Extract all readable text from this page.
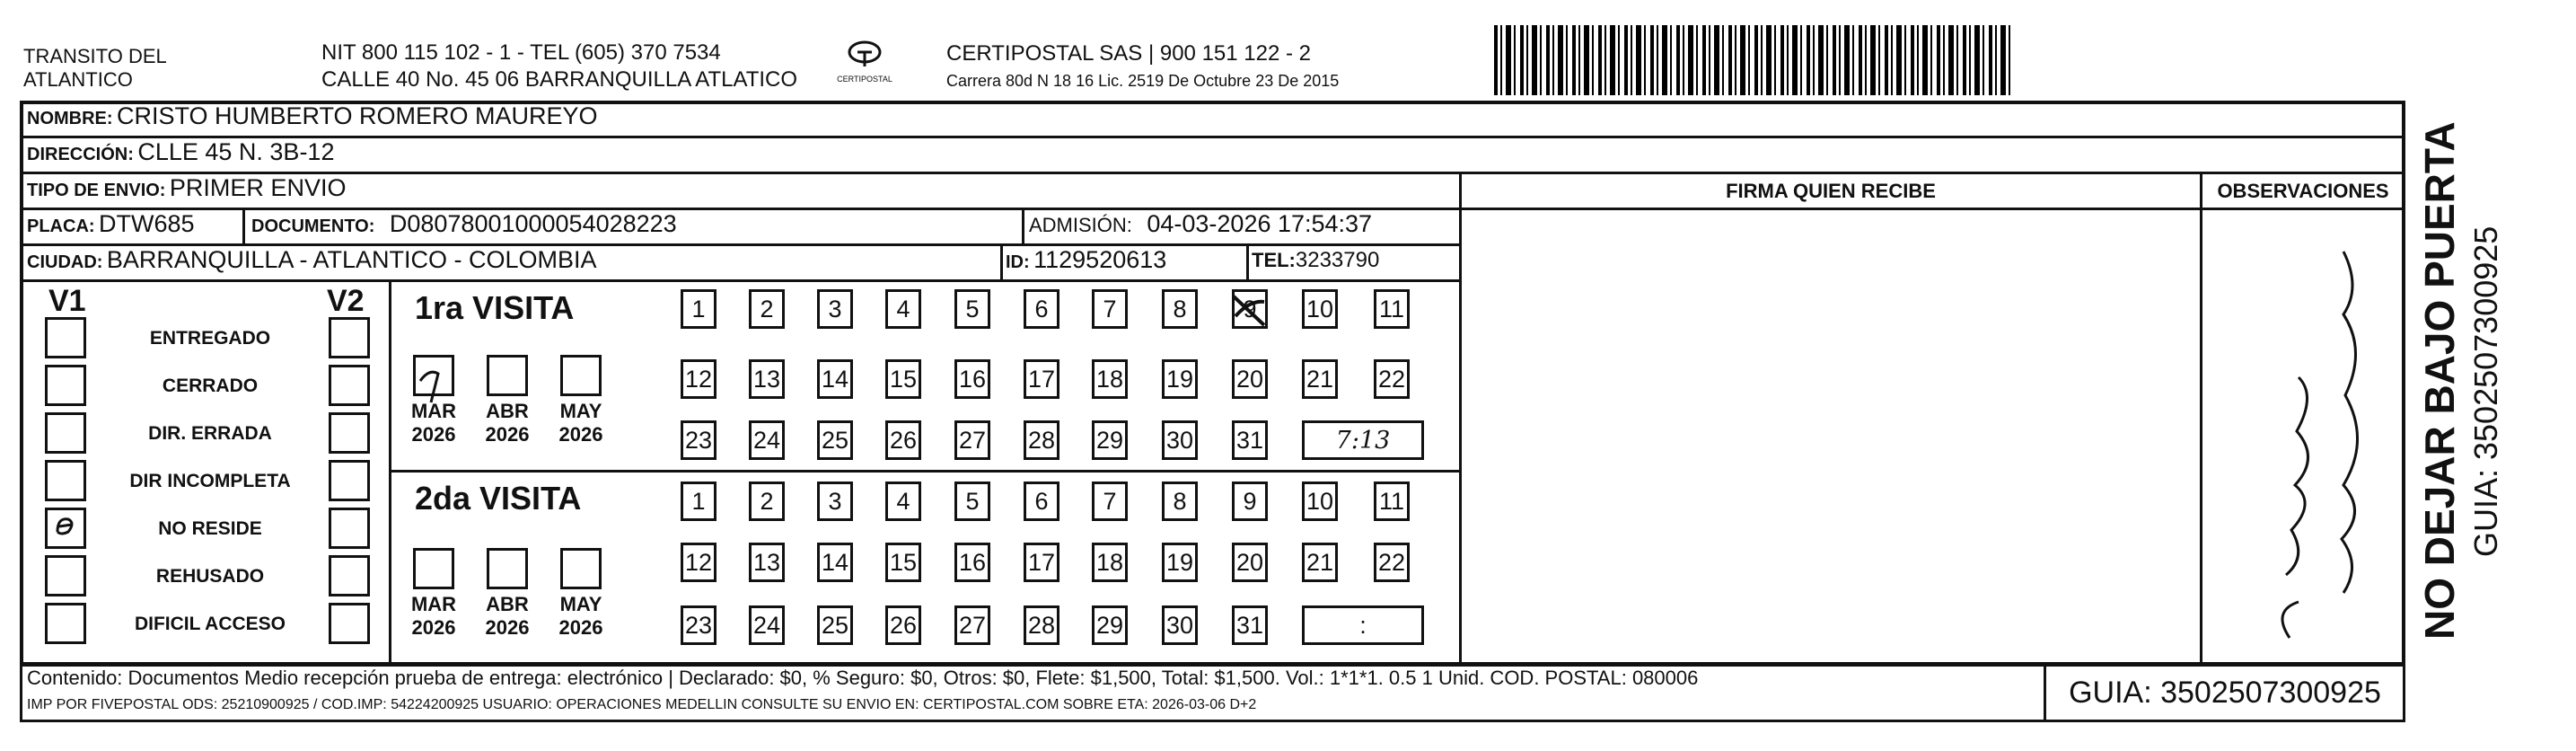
TRANSITO DEL
ATLANTICO
NIT 800 115 102 - 1 - TEL (605) 370 7534
CALLE 40 No. 45 06 BARRANQUILLA ATLATICO	CERTIPOSTAL
CERTIPOSTAL SAS | 900 151 122 - 2
Carrera 80d N 18 16 Lic. 2519 De Octubre 23 De 2015
NOMBRE: CRISTO HUMBERTO ROMERO MAUREYO
DIRECCIÓN: CLLE 45 N. 3B-12
TIPO DE ENVIO: PRIMER ENVIO	FIRMA QUIEN RECIBE	OBSERVACIONES
PLACA: DTW685	DOCUMENTO: D08078001000054028223	ADMISIÓN: 04-03-2026 17:54:37
CIUDAD: BARRANQUILLA - ATLANTICO - COLOMBIA	ID: 1129520613	TEL:3233790
V1	V2
ENTREGADO
CERRADO
DIR. ERRADA
DIR INCOMPLETA
NO RESIDE
REHUSADO
DIFICIL ACCESO
1ra VISITA
2da VISITA
MAR
2026
ABR
2026
MAY
2026
MAR
2026
ABR
2026
MAY
2026
1	2	3	4	5	6	7	8	9	10 11
12 13 14 15 16 17 18 19 20 21 22
23 24 25 26 27 28 29 30 31	7:13
1	2	3	4	5	6	7	8	9	10 11
12 13 14 15 16 17 18 19 20 21 22
23 24 25 26 27 28 29 30 31	:
Contenido: Documentos Medio recepción prueba de entrega: electrónico | Declarado: $0, % Seguro: $0, Otros: $0, Flete: $1,500, Total: $1,500. Vol.: 1*1*1. 0.5 1 Unid. COD. POSTAL: 080006
IMP POR FIVEPOSTAL ODS: 25210900925 / COD.IMP: 54224200925 USUARIO: OPERACIONES MEDELLIN CONSULTE SU ENVIO EN: CERTIPOSTAL.COM SOBRE ETA: 2026-03-06 D+2	GUIA: 3502507300925
NO DEJAR BAJO PUERTA GUIA: 3502507300925
